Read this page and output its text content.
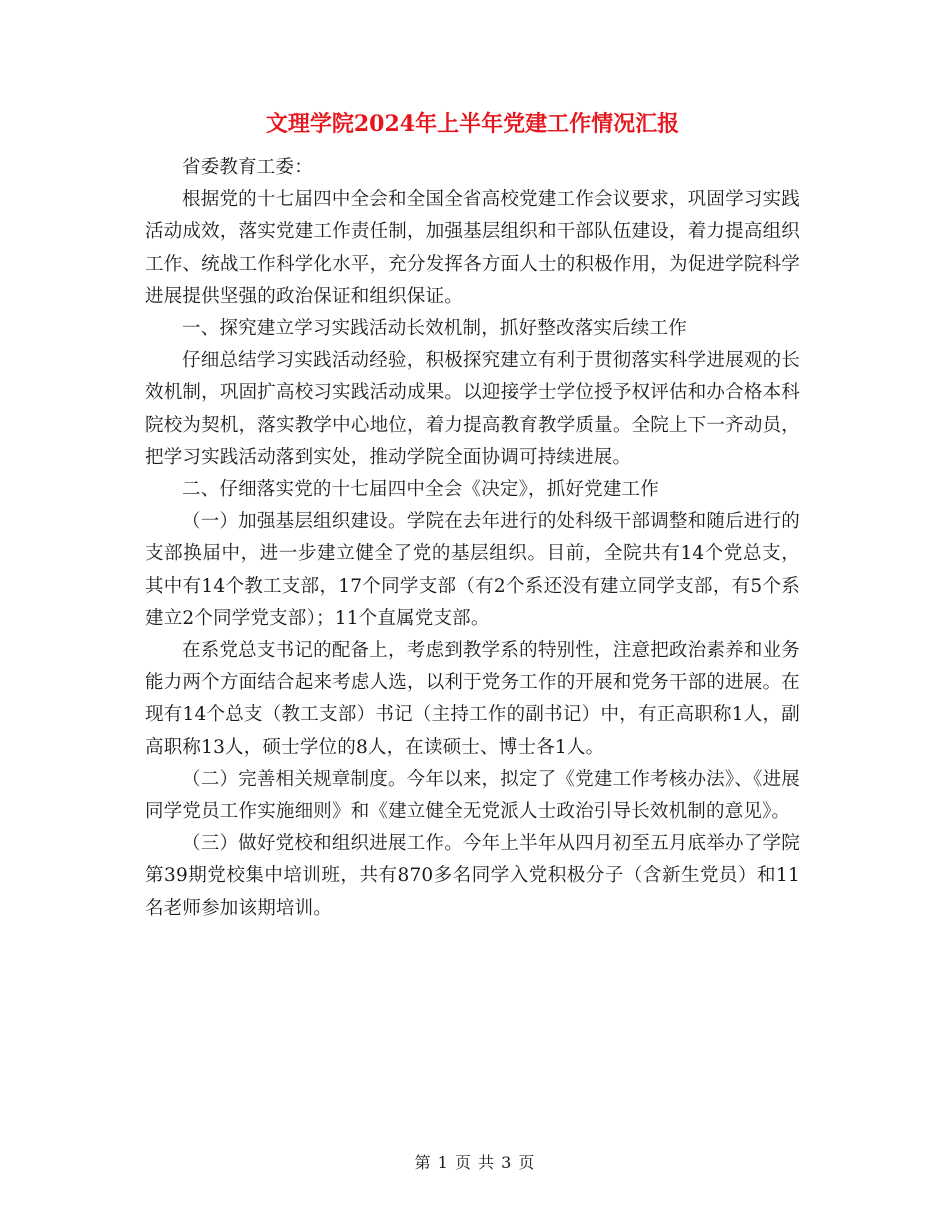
文理学院2024年上半年党建工作情况汇报

省委教育工委：

根据党的十七届四中全会和全国全省高校党建工作会议要求，巩固学习实践活动成效，落实党建工作责任制，加强基层组织和干部队伍建设，着力提高组织工作、统战工作科学化水平，充分发挥各方面人士的积极作用，为促进学院科学进展提供坚强的政治保证和组织保证。

一、探究建立学习实践活动长效机制，抓好整改落实后续工作

仔细总结学习实践活动经验，积极探究建立有利于贯彻落实科学进展观的长效机制，巩固扩高校习实践活动成果。以迎接学士学位授予权评估和办合格本科院校为契机，落实教学中心地位，着力提高教育教学质量。全院上下一齐动员，把学习实践活动落到实处，推动学院全面协调可持续进展。

二、仔细落实党的十七届四中全会《决定》，抓好党建工作

（一）加强基层组织建设。学院在去年进行的处科级干部调整和随后进行的支部换届中，进一步建立健全了党的基层组织。目前，全院共有14个党总支，其中有14个教工支部，17个同学支部（有2个系还没有建立同学支部，有5个系建立2个同学党支部）；11个直属党支部。

在系党总支书记的配备上，考虑到教学系的特别性，注意把政治素养和业务能力两个方面结合起来考虑人选，以利于党务工作的开展和党务干部的进展。在现有14个总支（教工支部）书记（主持工作的副书记）中，有正高职称1人，副高职称13人，硕士学位的8人，在读硕士、博士各1人。

（二）完善相关规章制度。今年以来，拟定了《党建工作考核办法》、《进展同学党员工作实施细则》和《建立健全无党派人士政治引导长效机制的意见》。

（三）做好党校和组织进展工作。今年上半年从四月初至五月底举办了学院第39期党校集中培训班，共有870多名同学入党积极分子（含新生党员）和11名老师参加该期培训。

第 1 页 共 3 页
